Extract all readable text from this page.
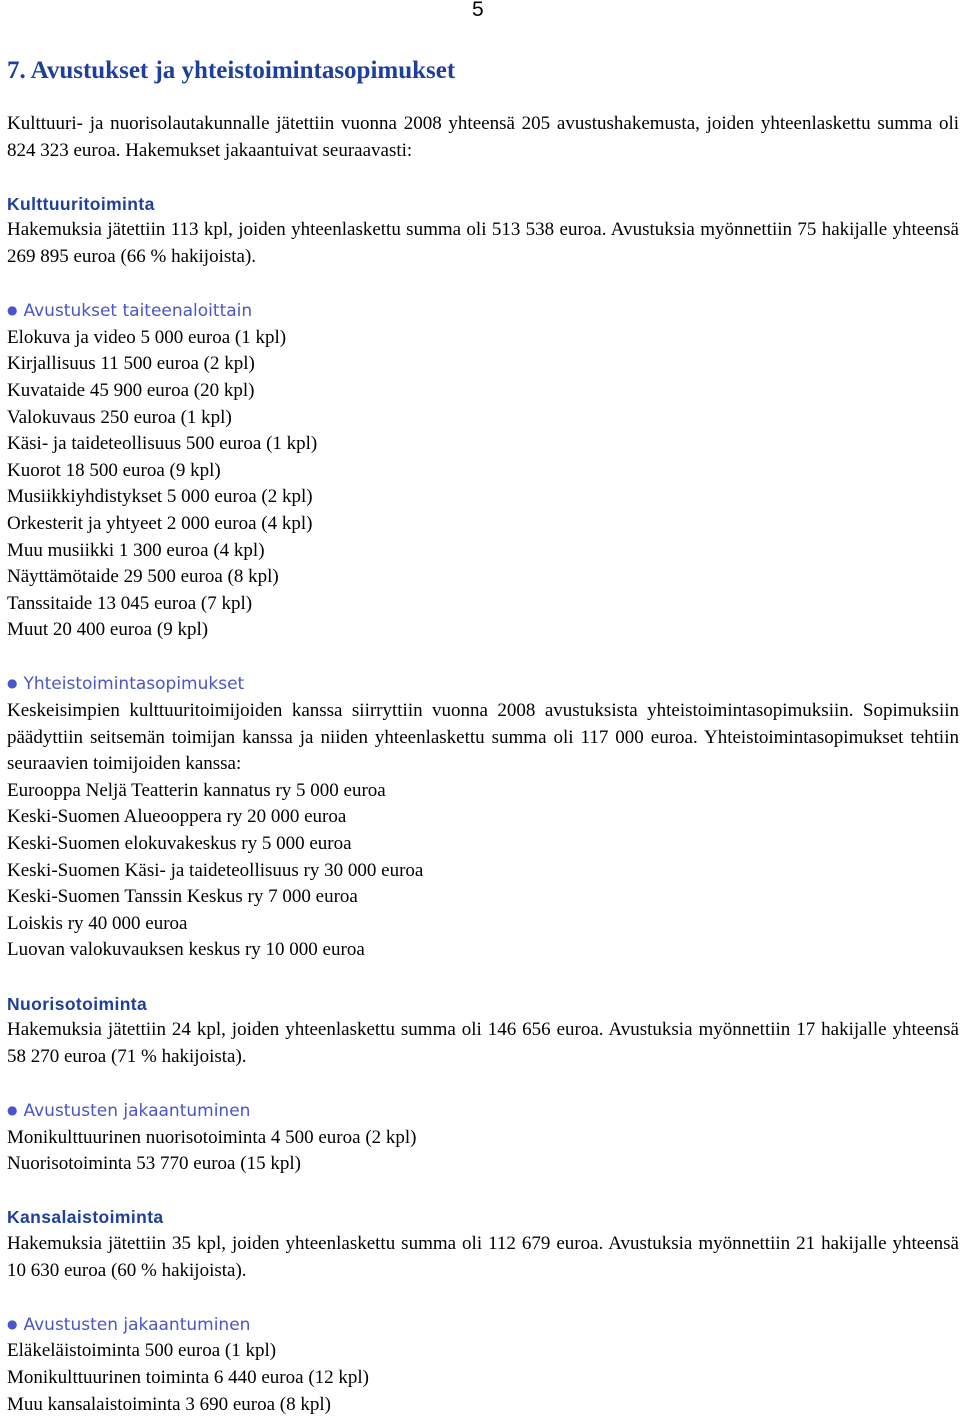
5
7. Avustukset ja yhteistoimintasopimukset

Kulttuuri- ja nuorisolautakunnalle jätettiin vuonna 2008 yhteensä 205 avustushakemusta, joiden yhteenlaskettu summa oli 824 323 euroa. Hakemukset jakaantuivat seuraavasti:

Kulttuuritoiminta

Hakemuksia jätettiin 113 kpl, joiden yhteenlaskettu summa oli 513 538 euroa. Avustuksia myönnettiin 75 hakijalle yhteensä 269 895 euroa (66 % hakijoista).

● Avustukset taiteenaloittain
Elokuva ja video 5 000 euroa (1 kpl)
Kirjallisuus 11 500 euroa (2 kpl)
Kuvataide 45 900 euroa (20 kpl)
Valokuvaus 250 euroa (1 kpl)
Käsi- ja taideteollisuus 500 euroa (1 kpl)
Kuorot 18 500 euroa (9 kpl)
Musiikkiyhdistykset 5 000 euroa (2 kpl)
Orkesterit ja yhtyeet 2 000 euroa (4 kpl)
Muu musiikki 1 300 euroa (4 kpl)
Näyttämötaide 29 500 euroa (8 kpl)
Tanssitaide 13 045 euroa (7 kpl)
Muut 20 400 euroa (9 kpl)
● Yhteistoimintasopimukset

Keskeisimpien kulttuuritoimijoiden kanssa siirryttiin vuonna 2008 avustuksista yhteistoimintasopimuksiin. Sopimuksiin päädyttiin seitsemän toimijan kanssa ja niiden yhteenlaskettu summa oli 117 000 euroa. Yhteistoimintasopimukset tehtiin seuraavien toimijoiden kanssa:

Eurooppa Neljä Teatterin kannatus ry 5 000 euroa
Keski-Suomen Alueooppera ry 20 000 euroa
Keski-Suomen elokuvakeskus ry 5 000 euroa
Keski-Suomen Käsi- ja taideteollisuus ry 30 000 euroa
Keski-Suomen Tanssin Keskus ry 7 000 euroa
Loiskis ry 40 000 euroa
Luovan valokuvauksen keskus ry 10 000 euroa
Nuorisotoiminta

Hakemuksia jätettiin 24 kpl, joiden yhteenlaskettu summa oli 146 656 euroa. Avustuksia myönnettiin 17 hakijalle yhteensä 58 270 euroa (71 % hakijoista).

● Avustusten jakaantuminen
Monikulttuurinen nuorisotoiminta 4 500 euroa (2 kpl)
Nuorisotoiminta 53 770 euroa (15 kpl)
Kansalaistoiminta

Hakemuksia jätettiin 35 kpl, joiden yhteenlaskettu summa oli 112 679 euroa. Avustuksia myönnettiin 21 hakijalle yhteensä 10 630 euroa (60 % hakijoista).

● Avustusten jakaantuminen
Eläkeläistoiminta 500 euroa (1 kpl)
Monikulttuurinen toiminta 6 440 euroa (12 kpl)
Muu kansalaistoiminta 3 690 euroa (8 kpl)
